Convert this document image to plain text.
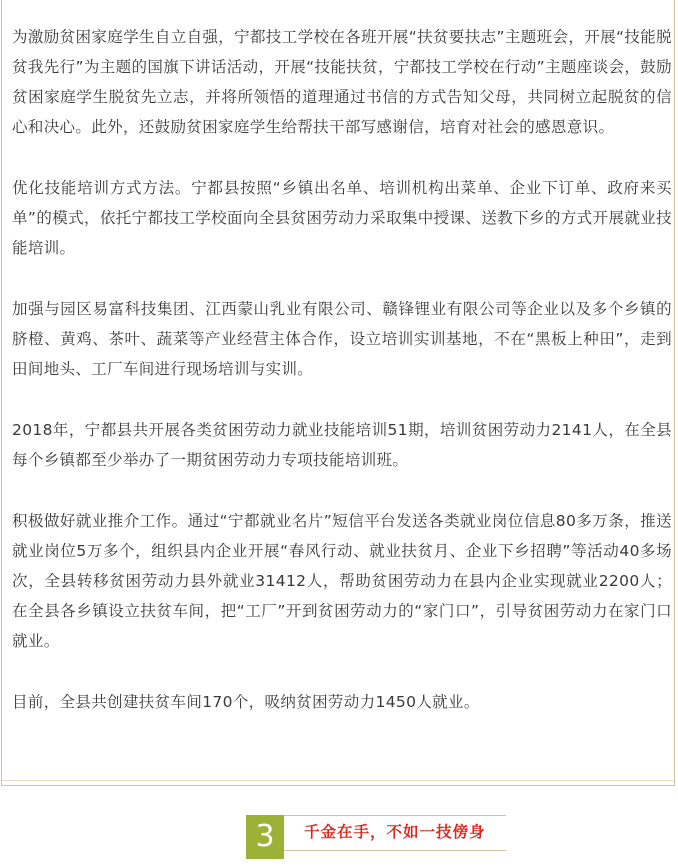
为激励贫困家庭学生自立自强，宁都技工学校在各班开展“扶贫要扶志”主题班会，开展“技能脱贫我先行”为主题的国旗下讲话活动，开展“技能扶贫，宁都技工学校在行动”主题座谈会，鼓励贫困家庭学生脱贫先立志，并将所领悟的道理通过书信的方式告知父母，共同树立起脱贫的信心和决心。此外，还鼓励贫困家庭学生给帮扶干部写感谢信，培育对社会的感恩意识。

优化技能培训方式方法。宁都县按照“乡镇出名单、培训机构出菜单、企业下订单、政府来买单”的模式，依托宁都技工学校面向全县贫困劳动力采取集中授课、送教下乡的方式开展就业技能培训。

加强与园区易富科技集团、江西蒙山乳业有限公司、赣锋锂业有限公司等企业以及多个乡镇的脐橙、黄鸡、茶叶、蔬菜等产业经营主体合作，设立培训实训基地，不在“黑板上种田”，走到田间地头、工厂车间进行现场培训与实训。

2018年，宁都县共开展各类贫困劳动力就业技能培训51期，培训贫困劳动力2141人，在全县每个乡镇都至少举办了一期贫困劳动力专项技能培训班。

积极做好就业推介工作。通过“宁都就业名片”短信平台发送各类就业岗位信息80多万条，推送就业岗位5万多个，组织县内企业开展“春风行动、就业扶贫月、企业下乡招聘”等活动40多场次，全县转移贫困劳动力县外就业31412人，帮助贫困劳动力在县内企业实现就业2200人；在全县各乡镇设立扶贫车间，把“工厂”开到贫困劳动力的“家门口”，引导贫困劳动力在家门口就业。

目前，全县共创建扶贫车间170个，吸纳贫困劳动力1450人就业。

3	千金在手，不如一技傍身
